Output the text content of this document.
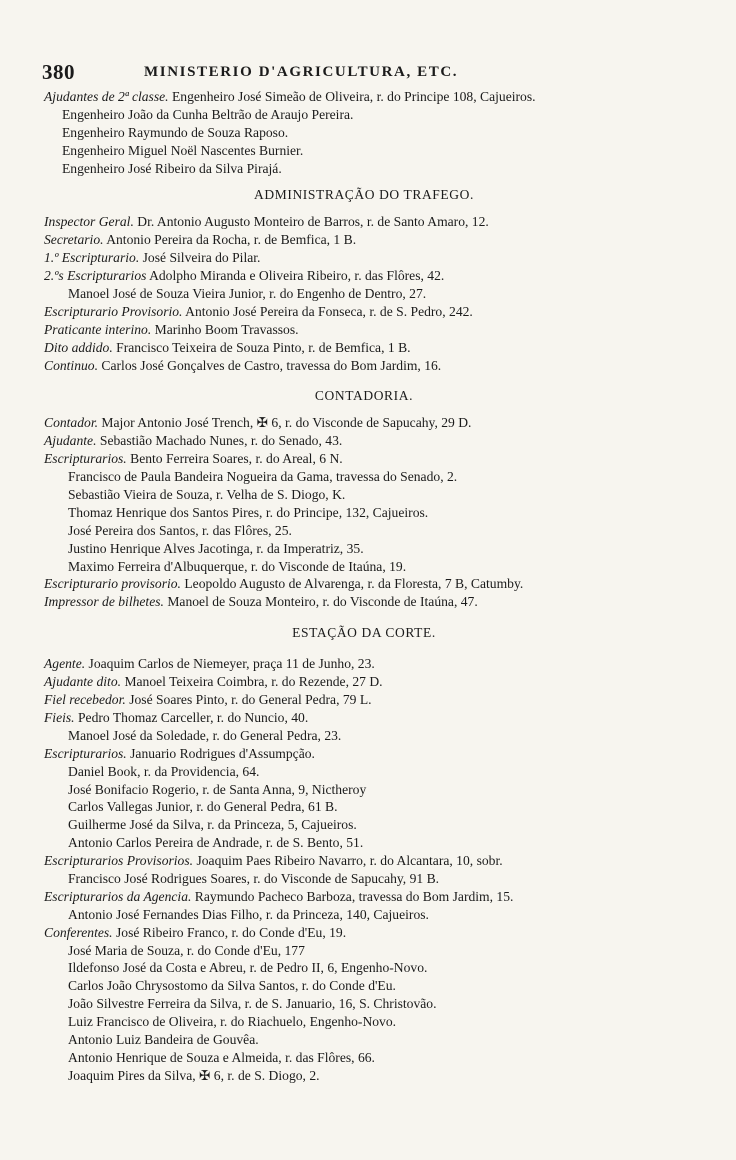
380	MINISTERIO D'AGRICULTURA, ETC.
Ajudantes de 2ª classe. Engenheiro José Simeão de Oliveira, r. do Principe 108, Cajueiros.
Engenheiro João da Cunha Beltrão de Araujo Pereira.
Engenheiro Raymundo de Souza Raposo.
Engenheiro Miguel Noël Nascentes Burnier.
Engenheiro José Ribeiro da Silva Pirajá.
ADMINISTRAÇÃO DO TRAFEGO.
Inspector Geral. Dr. Antonio Augusto Monteiro de Barros, r. de Santo Amaro, 12.
Secretario. Antonio Pereira da Rocha, r. de Bemfica, 1 B.
1.º Escripturario. José Silveira do Pilar.
2.ºs Escripturarios Adolpho Miranda e Oliveira Ribeiro, r. das Flôres, 42.
Manoel José de Souza Vieira Junior, r. do Engenho de Dentro, 27.
Escripturario Provisorio. Antonio José Pereira da Fonseca, r. de S. Pedro, 242.
Praticante interino. Marinho Boom Travassos.
Dito addido. Francisco Teixeira de Souza Pinto, r. de Bemfica, 1 B.
Continuo. Carlos José Gonçalves de Castro, travessa do Bom Jardim, 16.
CONTADORIA.
Contador. Major Antonio José Trench, ✠ 6, r. do Visconde de Sapucahy, 29 D.
Ajudante. Sebastião Machado Nunes, r. do Senado, 43.
Escripturarios. Bento Ferreira Soares, r. do Areal, 6 N.
Francisco de Paula Bandeira Nogueira da Gama, travessa do Senado, 2.
Sebastião Vieira de Souza, r. Velha de S. Diogo, K.
Thomaz Henrique dos Santos Pires, r. do Principe, 132, Cajueiros.
José Pereira dos Santos, r. das Flôres, 25.
Justino Henrique Alves Jacotinga, r. da Imperatriz, 35.
Maximo Ferreira d'Albuquerque, r. do Visconde de Itaúna, 19.
Escripturario provisorio. Leopoldo Augusto de Alvarenga, r. da Floresta, 7 B, Catumby.
Impressor de bilhetes. Manoel de Souza Monteiro, r. do Visconde de Itaúna, 47.
ESTAÇÃO DA CORTE.
Agente. Joaquim Carlos de Niemeyer, praça 11 de Junho, 23.
Ajudante dito. Manoel Teixeira Coimbra, r. do Rezende, 27 D.
Fiel recebedor. José Soares Pinto, r. do General Pedra, 79 L.
Fieis. Pedro Thomaz Carceller, r. do Nuncio, 40.
Manoel José da Soledade, r. do General Pedra, 23.
Escripturarios. Januario Rodrigues d'Assumpção.
Daniel Book, r. da Providencia, 64.
José Bonifacio Rogerio, r. de Santa Anna, 9, Nictheroy
Carlos Vallegas Junior, r. do General Pedra, 61 B.
Guilherme José da Silva, r. da Princeza, 5, Cajueiros.
Antonio Carlos Pereira de Andrade, r. de S. Bento, 51.
Escripturarios Provisorios. Joaquim Paes Ribeiro Navarro, r. do Alcantara, 10, sobr.
Francisco José Rodrigues Soares, r. do Visconde de Sapucahy, 91 B.
Escripturarios da Agencia. Raymundo Pacheco Barboza, travessa do Bom Jardim, 15.
Antonio José Fernandes Dias Filho, r. da Princeza, 140, Cajueiros.
Conferentes. José Ribeiro Franco, r. do Conde d'Eu, 19.
José Maria de Souza, r. do Conde d'Eu, 177
Ildefonso José da Costa e Abreu, r. de Pedro II, 6, Engenho-Novo.
Carlos João Chrysostomo da Silva Santos, r. do Conde d'Eu.
João Silvestre Ferreira da Silva, r. de S. Januario, 16, S. Christovão.
Luiz Francisco de Oliveira, r. do Riachuelo, Engenho-Novo.
Antonio Luiz Bandeira de Gouvêa.
Antonio Henrique de Souza e Almeida, r. das Flôres, 66.
Joaquim Pires da Silva, ✠ 6, r. de S. Diogo, 2.
